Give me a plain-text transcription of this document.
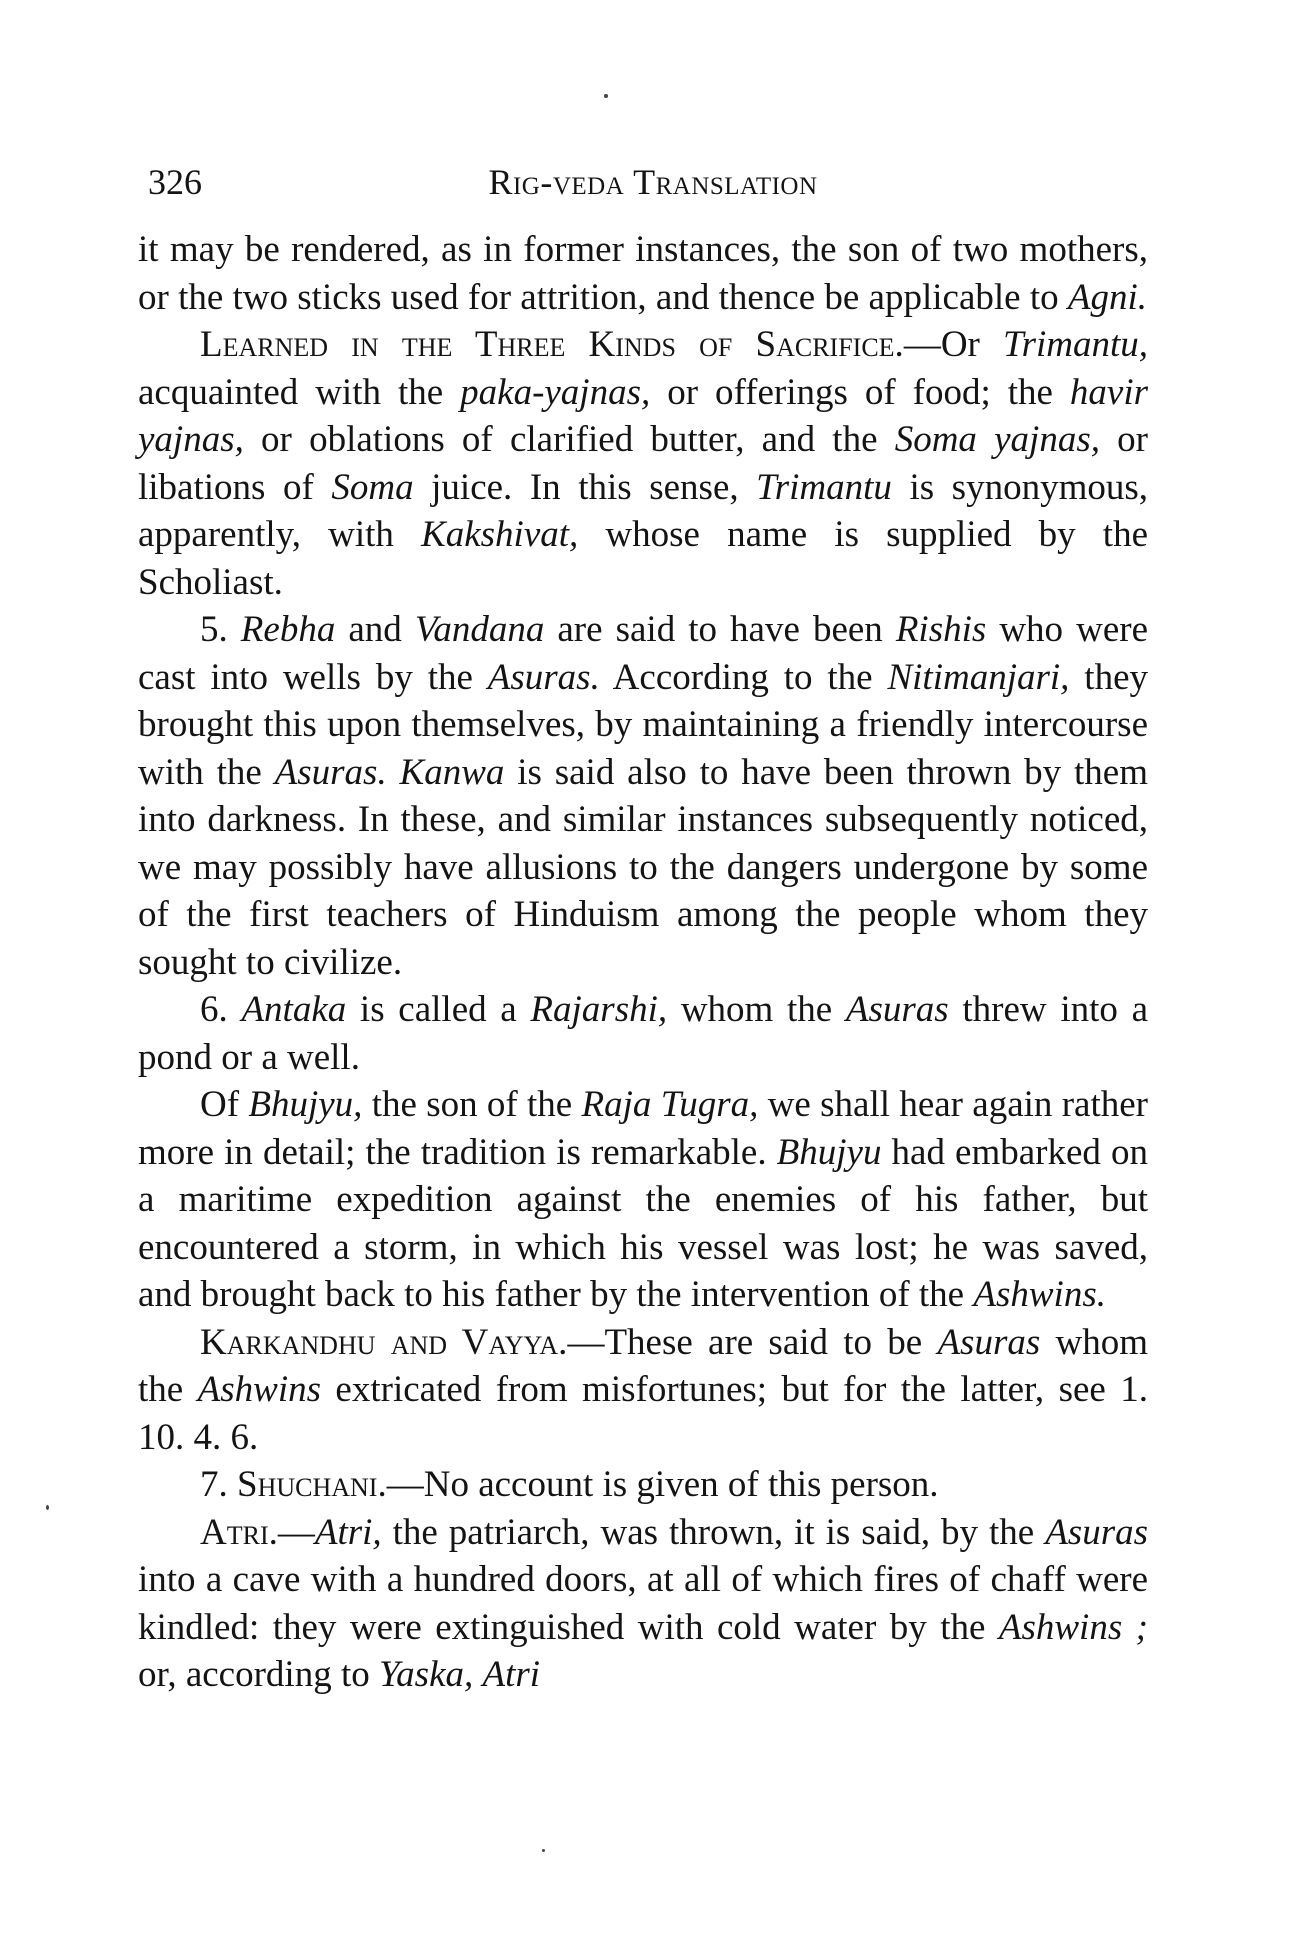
326	Rig-veda Translation

it may be rendered, as in former instances, the son of two mothers, or the two sticks used for attrition, and thence be applicable to Agni.

Learned in the Three Kinds of Sacrifice.—Or Trimantu, acquainted with the paka-yajnas, or offerings of food; the havir yajnas, or oblations of clarified butter, and the Soma yajnas, or libations of Soma juice. In this sense, Trimantu is synonymous, apparently, with Kakshivat, whose name is supplied by the Scholiast.

5. Rebha and Vandana are said to have been Rishis who were cast into wells by the Asuras. According to the Nitimanjari, they brought this upon themselves, by maintaining a friendly intercourse with the Asuras. Kanwa is said also to have been thrown by them into darkness. In these, and similar instances subsequently noticed, we may possibly have allusions to the dangers undergone by some of the first teachers of Hinduism among the people whom they sought to civilize.

6. Antaka is called a Rajarshi, whom the Asuras threw into a pond or a well.

Of Bhujyu, the son of the Raja Tugra, we shall hear again rather more in detail; the tradition is remarkable. Bhujyu had embarked on a maritime expedition against the enemies of his father, but encountered a storm, in which his vessel was lost; he was saved, and brought back to his father by the intervention of the Ashwins.

Karkandhu and Vayya.—These are said to be Asuras whom the Ashwins extricated from misfortunes; but for the latter, see 1. 10. 4. 6.

7. Shuchani.—No account is given of this person.

Atri.—Atri, the patriarch, was thrown, it is said, by the Asuras into a cave with a hundred doors, at all of which fires of chaff were kindled: they were extinguished with cold water by the Ashwins ; or, according to Yaska, Atri
